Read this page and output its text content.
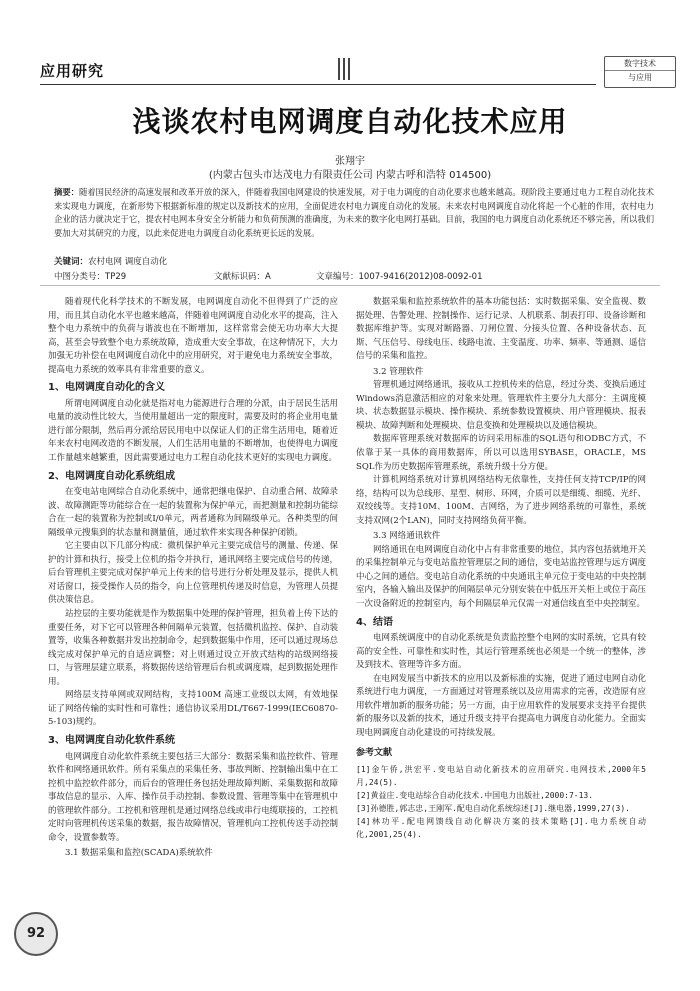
应用研究	数字技术
与应用
浅谈农村电网调度自动化技术应用
张翔宇
(内蒙古包头市达茂电力有限责任公司 内蒙古呼和浩特 014500)
摘要：随着国民经济的高速发展和改革开放的深入，伴随着我国电网建设的快速发展，对于电力调度的自动化要求也越来越高。现阶段主要通过电力工程自动化技术来实现电力调度，在新形势下根据新标准的规定以及新技术的应用，全面促进农村电力调度自动化的发展。未来农村电网调度自动化将起一个心脏的作用，农村电力企业的活力就决定于它，提农村电网本身安全分析能力和负荷预测的准确度，为未来的数字化电网打基础。目前，我国的电力调度自动化系统还不够完善，所以我们要加大对其研究的力度，以此来促进电力调度自动化系统更长远的发展。
关键词：农村电网 调度自动化
中图分类号：TP29	文献标识码：A	文章编号：1007-9416(2012)08-0092-01

随着现代化科学技术的不断发展，电网调度自动化不但得到了广泛的应用，而且其自动化水平也越来越高，伴随着电网调度自动化水平的提高，注入整个电力系统中的负荷与谐波也在不断增加，这样常常会使无功功率大大提高，甚至会导致整个电力系统故障，造成重大安全事故，在这种情况下，大力加强无功补偿在电网调度自动化中的应用研究，对于避免电力系统安全事故，提高电力系统的效率具有非常重要的意义。

1、电网调度自动化的含义

所谓电网调度自动化就是指对电力能源进行合理的分派，由于居民生活用电量的波动性比较大，当使用量超出一定的限度时，需要及时的将企业用电量进行部分限制，然后再分派给居民用电中以保证人们的正常生活用电，随着近年来农村电网改造的不断发展，人们生活用电量的不断增加，也使得电力调度工作量越来越繁重，因此需要通过电力工程自动化技术更好的实现电力调度。

2、电网调度自动化系统组成

在变电站电网综合自动化系统中，通常把继电保护、自动重合闸、故障录波、故障测距等功能综合在一起的装置称为保护单元，而把测量和控制功能综合在一起的装置称为控制或I/0单元，两者通称为间隔级单元。各种类型的间隔级单元搜集到的状态量和测量值，通过软件来实现各种保护闭锁。

它主要由以下几部分构成：微机保护单元主要完成信号的测量、传递、保护的计算和执行，接受上位机的指令并执行，通讯网络主要完成信号的传递，后台管理机主要完成对保护单元上传来的信号进行分析处理及显示，提供人机对话窗口，接受操作人员的指令，向上位管理机传递及时信息，为管理人员提供决策信息。

站控层的主要功能就是作为数据集中处理的保护管理，担负着上传下达的重要任务，对下它可以管理各种间隔单元装置，包括微机监控、保护、自动装置等，收集各种数据并发出控制命令，起到数据集中作用，还可以通过现场总线完成对保护单元的自适应调整；对上则通过设立开放式结构的站级网络接口，与管理层建立联系，将数据传送给管理后台机或调度端，起到数据处理作用。

网络层支持单网或双网结构，支持100M 高速工业级以太网，有效地保证了网络传输的实时性和可靠性；通信协议采用DL/T667-1999(IEC60870-5-103)规约。

3、电网调度自动化软件系统

电网调度自动化软件系统主要包括三大部分：数据采集和监控软件、管理软件和网络通讯软件。所有采集点的采集任务、事故判断、控制输出集中在工控机中监控软件部分，而后台的管理任务包括处理故障判断、采集数据和故障事故信息的显示、入库、操作员手动控制、参数设置、管理等集中在管理机中的管理软件部分。工控机和管理机是通过网络总线或串行电缆联接的，工控机定时向管理机传送采集的数据，报告故障情况，管理机向工控机传送手动控制命令，设置参数等。

3.1 数据采集和监控(SCADA)系统软件

数据采集和监控系统软件的基本功能包括：实时数据采集、安全监视、数据处理、告警处理、控制操作、运行记录、人机联系、制表打印、设备诊断和数据库维护等。实现对断路器、刀闸位置、分接头位置、各种设备状态、瓦斯、气压信号、母线电压、线路电流、主变温度、功率、频率、等通测、遥信信号的采集和监控。

3.2 管理软件

管理机通过网络通讯，接收从工控机传来的信息，经过分类、变换后通过Windows消息激活相应的对象来处理。管理软件主要分九大部分：主调度模块、状态数据显示模块、操作模块、系统参数设置模块、用户管理模块、报表模块、故障判断和处理模块、信息变换和处理模块以及通信模块。

数据库管理系统对数据库的访问采用标准的SQL语句和ODBC方式，不依靠于某一具体的商用数据库，所以可以选用SYBASE，ORACLE，MS SQL作为历史数据库管理系统，系统升级十分方便。

计算机网络系统对计算机网络结构无依靠性，支持任何支持TCP/IP的网络，结构可以为总线形、星型、树形、环网，介质可以是细缆、细缆、光纤、双绞线等。支持10M、100M、吉网络，为了进步网络系统的可靠性，系统支持双网(2个LAN)，同时支持网络负荷平衡。

3.3 网络通讯软件

网络通讯在电网调度自动化中占有非常重要的地位，其内容包括就地开关的采集控制单元与变电站监控管理层之间的通信，变电站监控管理与远方调度中心之间的通信。变电站自动化系统的中央通讯主单元位于变电站的中央控制室内，各输入输出及保护的间隔层单元分别安装在中低压开关柜上或位于高压一次设备附近的控制室内，每个间隔层单元仅需一对通信线直至中央控制室。

4、结语

电网系统调度中的自动化系统是负责监控整个电网的实时系统，它具有较高的安全性、可靠性和实时性，其运行管理系统也必须是一个统一的整体，涉及到技术、管理等许多方面。

在电网发展当中新技术的应用以及新标准的实施，促进了通过电网自动化系统进行电力调度，一方面通过对管理系统以及应用需求的完善，改造原有应用软件增加新的服务功能；另一方面，由于应用软件的发展要求支持平台提供新的服务以及新的技术，通过升级支持平台提高电力调度自动化能力。全面实现电网调度自动化建设的可持续发展。

参考文献
[1]金午侨,洪宏平.变电站自动化新技术的应用研究.电网技术,2000年5月,24(5).
[2]黄益庄.变电站综合自动化技术.中国电力出版社,2000:7-13.
[3]孙德胜,郭志忠,王刚军.配电自动化系统综述[J].继电器,1999,27(3).
[4]林功平.配电网馈线自动化解决方案的技术策略[J].电力系统自动化,2001,25(4).
92
